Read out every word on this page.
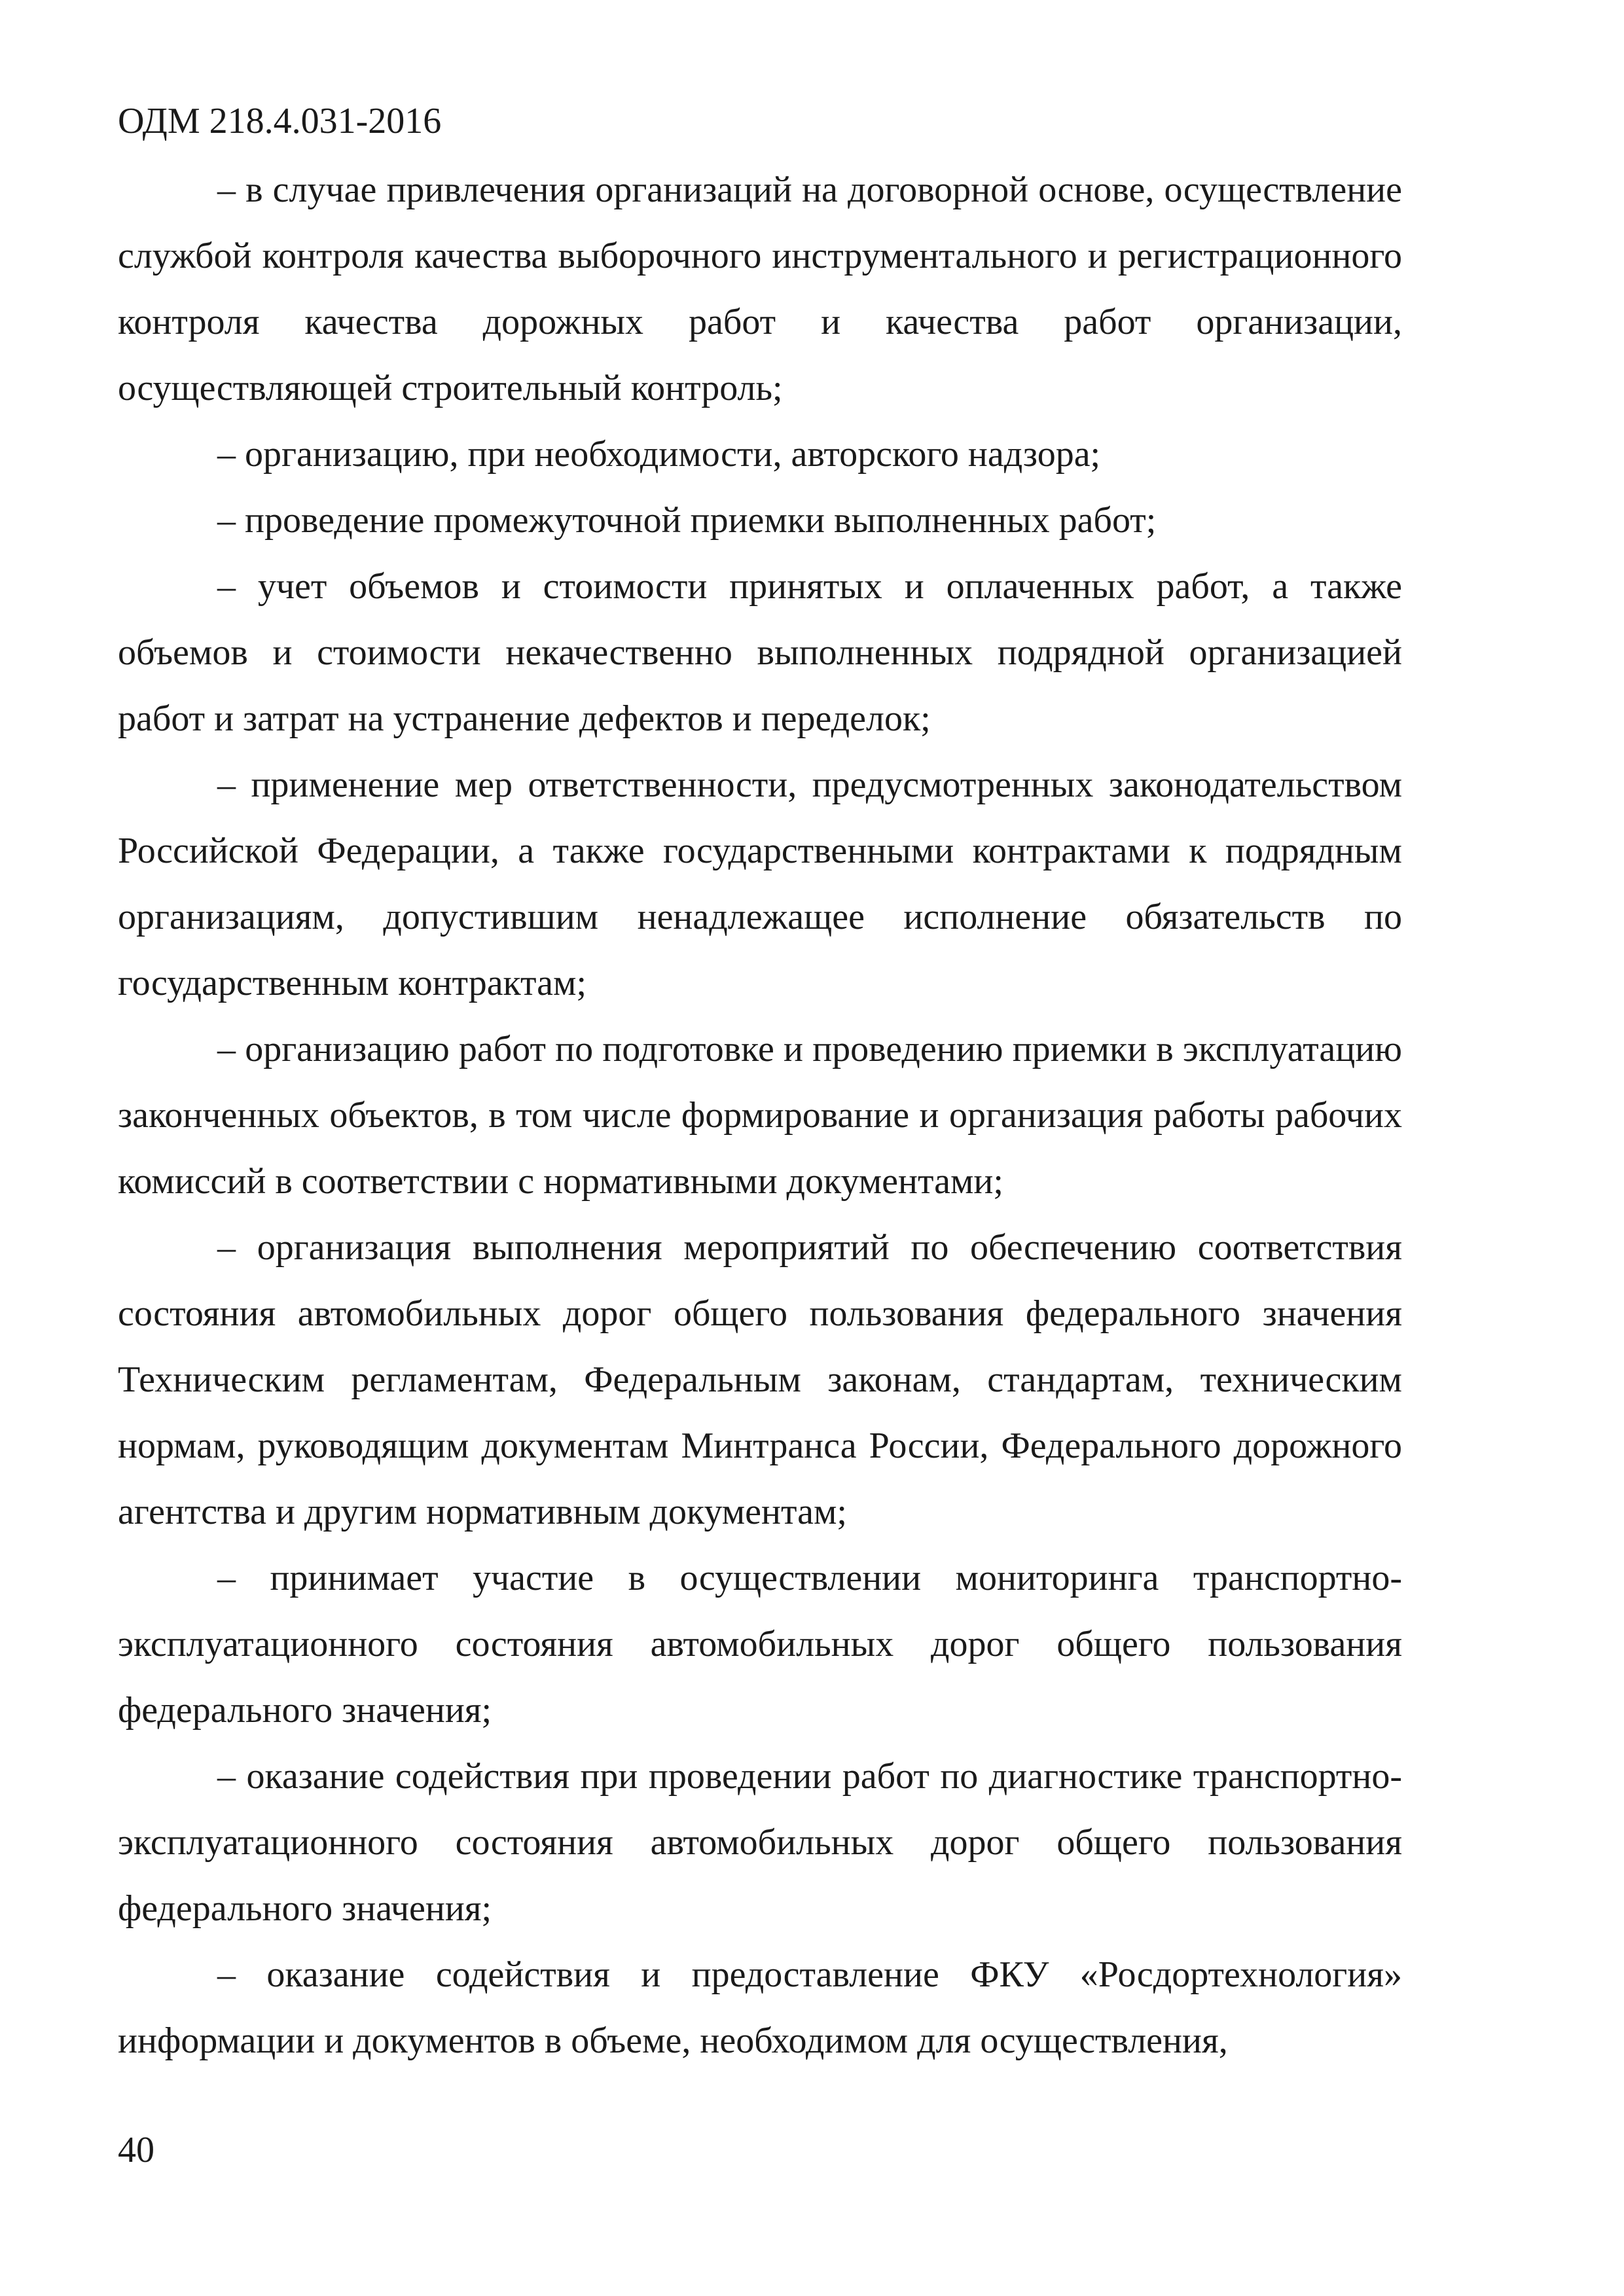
ОДМ 218.4.031-2016

– в случае привлечения организаций на договорной основе, осуществление службой контроля качества выборочного инструментального и регистрационного контроля качества дорожных работ и качества работ организации, осуществляющей строительный контроль;

– организацию, при необходимости, авторского надзора;

– проведение промежуточной приемки выполненных работ;

– учет объемов и стоимости принятых и оплаченных работ, а также объемов и стоимости некачественно выполненных подрядной организацией работ и затрат на устранение дефектов и переделок;

– применение мер ответственности, предусмотренных законодательством Российской Федерации, а также государственными контрактами к подрядным организациям, допустившим ненадлежащее исполнение обязательств по государственным контрактам;

– организацию работ по подготовке и проведению приемки в эксплуатацию законченных объектов, в том числе формирование и организация работы рабочих комиссий в соответствии с нормативными документами;

– организация выполнения мероприятий по обеспечению соответствия состояния автомобильных дорог общего пользования федерального значения Техническим регламентам, Федеральным законам, стандартам, техническим нормам, руководящим документам Минтранса России, Федерального дорожного агентства и другим нормативным документам;

– принимает участие в осуществлении мониторинга транспортно-эксплуатационного состояния автомобильных дорог общего пользования федерального значения;

– оказание содействия при проведении работ по диагностике транспортно-эксплуатационного состояния автомобильных дорог общего пользования федерального значения;

– оказание содействия и предоставление ФКУ «Росдортехнология» информации и документов в объеме, необходимом для осуществления,

40
